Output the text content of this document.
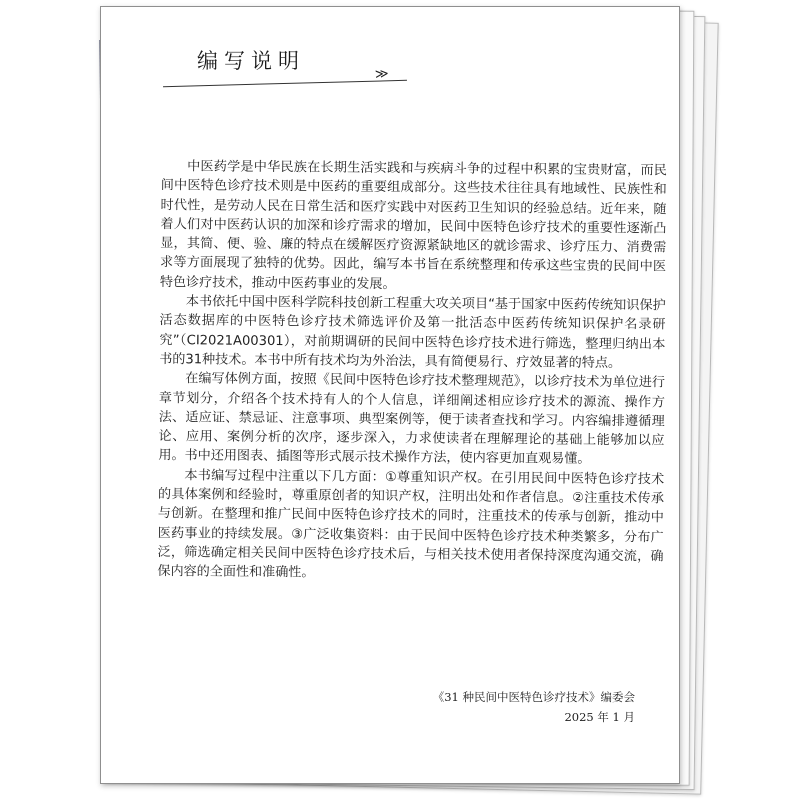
编写说明
≫

中医药学是中华民族在长期生活实践和与疾病斗争的过程中积累的宝贵财富，而民间中医特色诊疗技术则是中医药的重要组成部分。这些技术往往具有地域性、民族性和时代性，是劳动人民在日常生活和医疗实践中对医药卫生知识的经验总结。近年来，随着人们对中医药认识的加深和诊疗需求的增加，民间中医特色诊疗技术的重要性逐渐凸显，其简、便、验、廉的特点在缓解医疗资源紧缺地区的就诊需求、诊疗压力、消费需求等方面展现了独特的优势。因此，编写本书旨在系统整理和传承这些宝贵的民间中医特色诊疗技术，推动中医药事业的发展。

本书依托中国中医科学院科技创新工程重大攻关项目“基于国家中医药传统知识保护活态数据库的中医特色诊疗技术筛选评价及第一批活态中医药传统知识保护名录研究”（CI2021A00301），对前期调研的民间中医特色诊疗技术进行筛选，整理归纳出本书的31种技术。本书中所有技术均为外治法，具有简便易行、疗效显著的特点。

在编写体例方面，按照《民间中医特色诊疗技术整理规范》，以诊疗技术为单位进行章节划分，介绍各个技术持有人的个人信息，详细阐述相应诊疗技术的源流、操作方法、适应证、禁忌证、注意事项、典型案例等，便于读者查找和学习。内容编排遵循理论、应用、案例分析的次序，逐步深入，力求使读者在理解理论的基础上能够加以应用。书中还用图表、插图等形式展示技术操作方法，使内容更加直观易懂。

本书编写过程中注重以下几方面：①尊重知识产权。在引用民间中医特色诊疗技术的具体案例和经验时，尊重原创者的知识产权，注明出处和作者信息。②注重技术传承与创新。在整理和推广民间中医特色诊疗技术的同时，注重技术的传承与创新，推动中医药事业的持续发展。③广泛收集资料：由于民间中医特色诊疗技术种类繁多，分布广泛，筛选确定相关民间中医特色诊疗技术后，与相关技术使用者保持深度沟通交流，确保内容的全面性和准确性。

《31 种民间中医特色诊疗技术》编委会
2025 年 1 月
